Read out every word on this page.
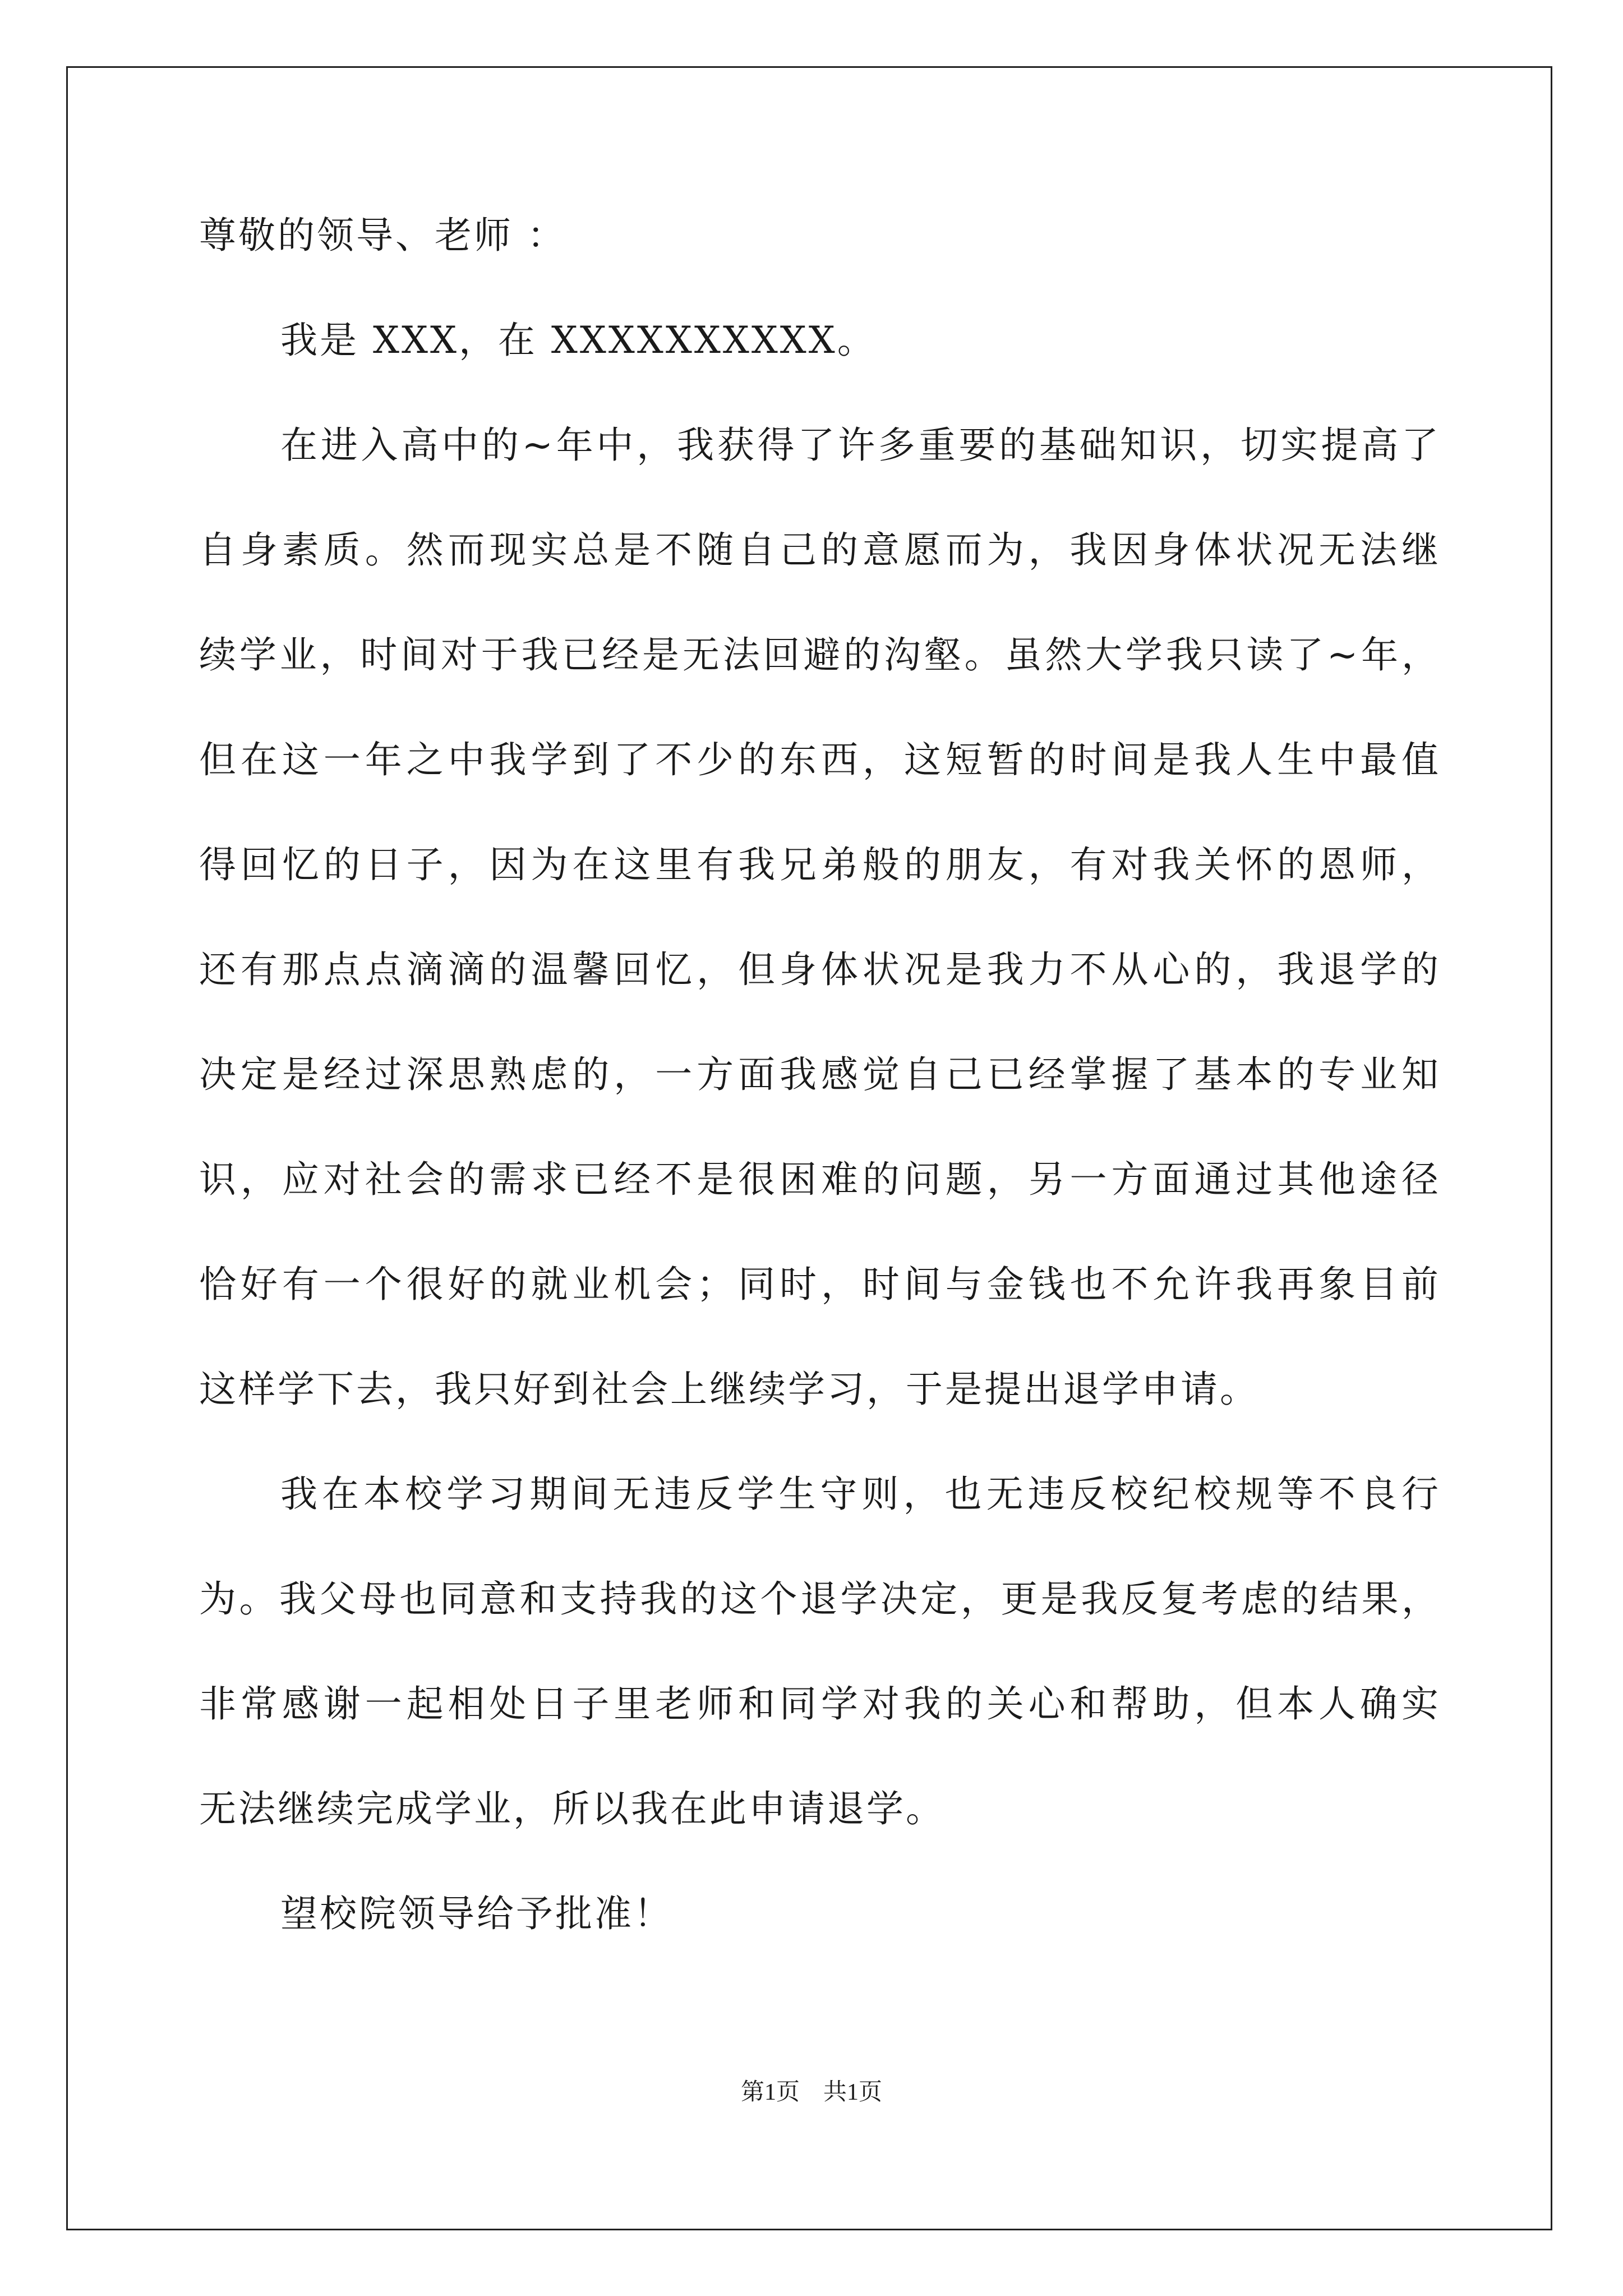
尊敬的领导、老师 ：
我是 XXX，在 XXXXXXXXXX。
在进入高中的~年中，我获得了许多重要的基础知识，切实提高了
自身素质。然而现实总是不随自己的意愿而为，我因身体状况无法继
续学业，时间对于我已经是无法回避的沟壑。虽然大学我只读了~年，
但在这一年之中我学到了不少的东西，这短暂的时间是我人生中最值
得回忆的日子，因为在这里有我兄弟般的朋友，有对我关怀的恩师，
还有那点点滴滴的温馨回忆，但身体状况是我力不从心的，我退学的
决定是经过深思熟虑的，一方面我感觉自己已经掌握了基本的专业知
识，应对社会的需求已经不是很困难的问题，另一方面通过其他途径
恰好有一个很好的就业机会；同时，时间与金钱也不允许我再象目前
这样学下去，我只好到社会上继续学习，于是提出退学申请。
我在本校学习期间无违反学生守则，也无违反校纪校规等不良行
为。我父母也同意和支持我的这个退学决定，更是我反复考虑的结果，
非常感谢一起相处日子里老师和同学对我的关心和帮助，但本人确实
无法继续完成学业，所以我在此申请退学。
望校院领导给予批准！
第1页　共1页
